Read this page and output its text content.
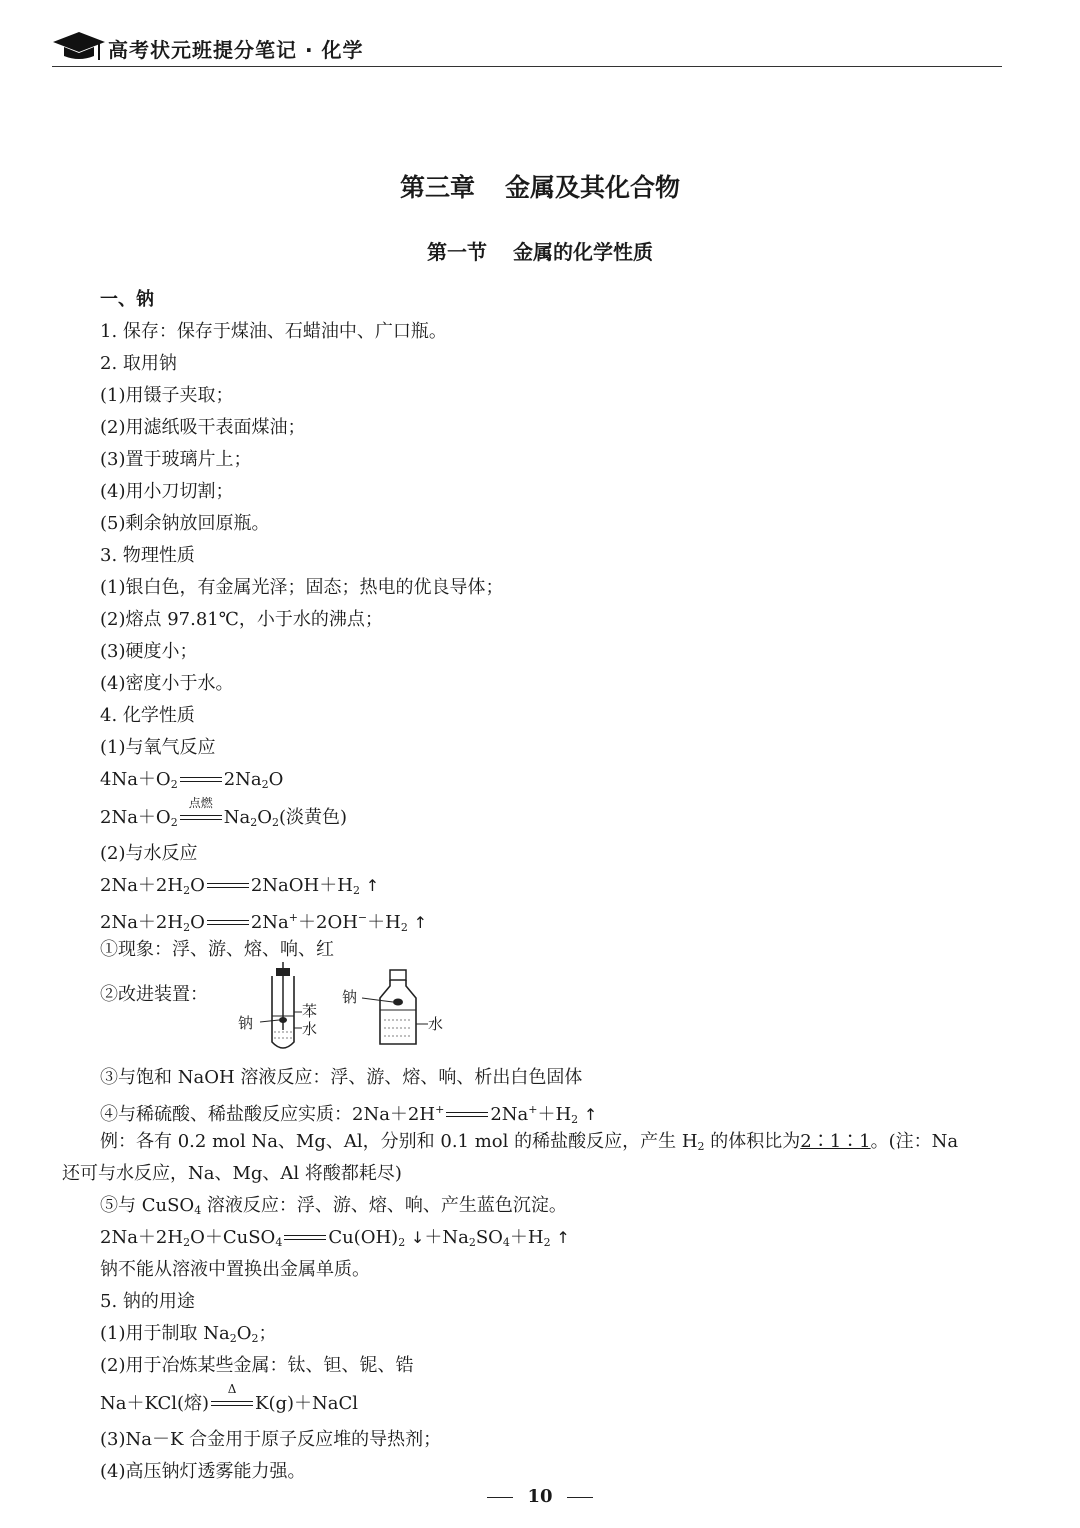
高考状元班提分笔记 · 化学
第三章 金属及其化合物
第一节 金属的化学性质
一、钠
1. 保存：保存于煤油、石蜡油中、广口瓶。
2. 取用钠
(1)用镊子夹取；
(2)用滤纸吸干表面煤油；
(3)置于玻璃片上；
(4)用小刀切割；
(5)剩余钠放回原瓶。
3. 物理性质
(1)银白色，有金属光泽；固态；热电的优良导体；
(2)熔点 97.81℃，小于水的沸点；
(3)硬度小；
(4)密度小于水。
4. 化学性质
(1)与氧气反应
$4Na+O_2$	$2Na_2O$
$2Na+O_2$
点燃
$Na_2O_2$(淡黄色)
(2)与水反应
$2Na+2H_2O$	$2NaOH+H_2$ ↑
$2Na+2H_2O$	$2Na^++2OH^-+H_2$ ↑
①现象：浮、游、熔、响、红
②改进装置：
钠
苯
水
钠
水
③与饱和 NaOH 溶液反应：浮、游、熔、响、析出白色固体
④与稀硫酸、稀盐酸反应实质：2Na＋2H+	$2Na^++H_2$ ↑
例：各有 0.2 mol Na、Mg、Al，分别和 0.1 mol 的稀盐酸反应，产生 $H_2$ 的体积比为2∶1∶1。(注：Na
还可与水反应，Na、Mg、Al 将酸都耗尽)
⑤与 CuSO$_4$ 溶液反应：浮、游、熔、响、产生蓝色沉淀。
$2Na+2H_2O+CuSO_4$	$Cu(OH)_2$ $↓+Na_2SO_4+H_2$ ↑
钠不能从溶液中置换出金属单质。
5. 钠的用途
(1)用于制取 $Na_2O_2$；
(2)用于冶炼某些金属：钛、钽、铌、锆
Na＋KCl(熔)
Δ
K(g)＋NaCl
(3)Na－K 合金用于原子反应堆的导热剂；
(4)高压钠灯透雾能力强。
10
